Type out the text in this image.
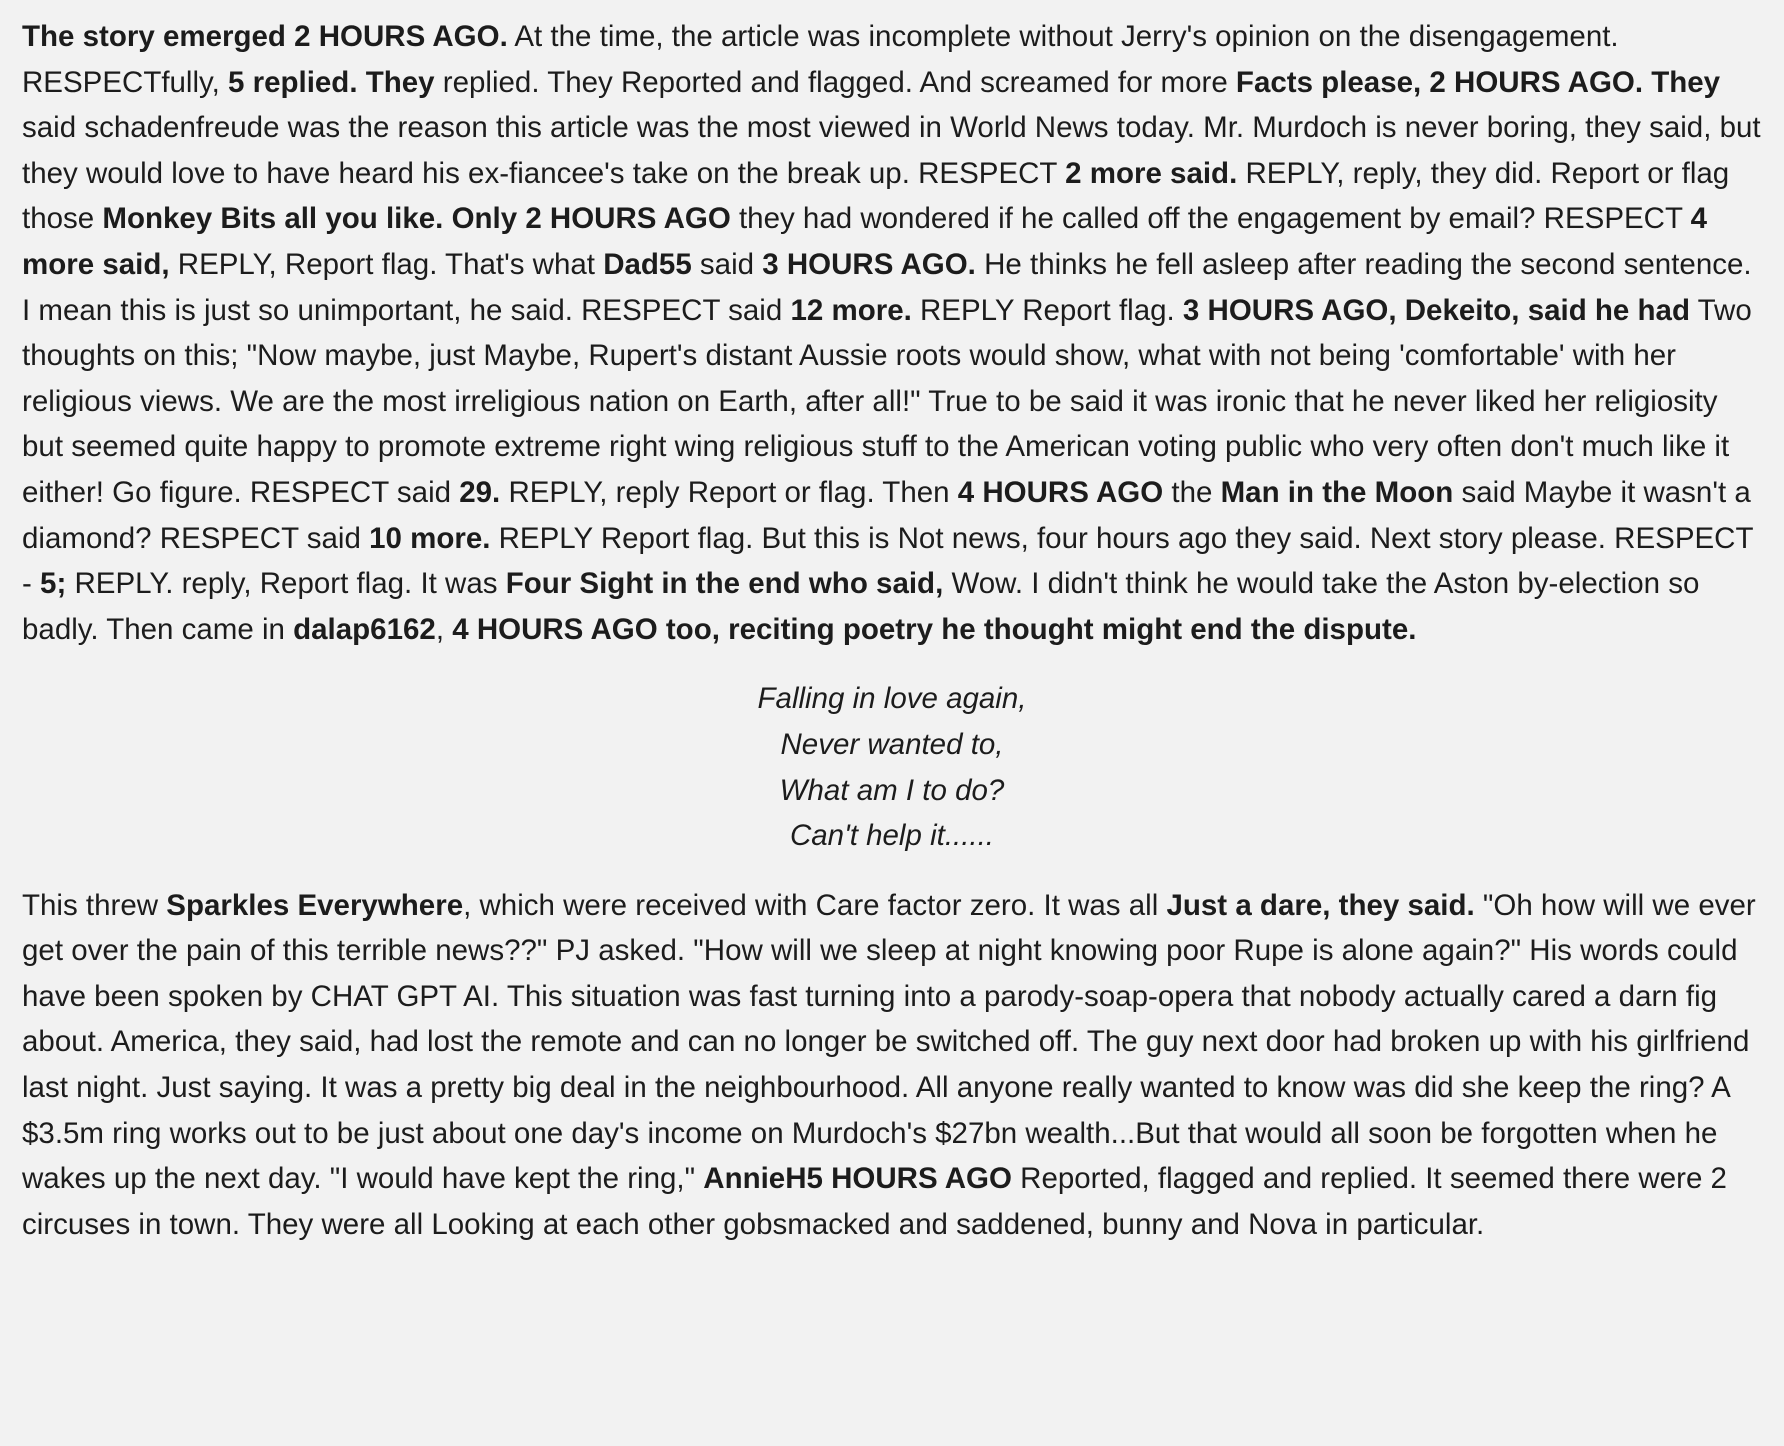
The story emerged 2 HOURS AGO. At the time, the article was incomplete without Jerry's opinion on the disengagement. RESPECTfully, 5 replied. They replied. They Reported and flagged. And screamed for more Facts please, 2 HOURS AGO. They said schadenfreude was the reason this article was the most viewed in World News today. Mr. Murdoch is never boring, they said, but they would love to have heard his ex-fiancee's take on the break up. RESPECT 2 more said. REPLY, reply, they did. Report or flag those Monkey Bits all you like. Only 2 HOURS AGO they had wondered if he called off the engagement by email? RESPECT 4 more said, REPLY, Report flag. That's what Dad55 said 3 HOURS AGO. He thinks he fell asleep after reading the second sentence. I mean this is just so unimportant, he said. RESPECT said 12 more. REPLY Report flag. 3 HOURS AGO, Dekeito, said he had Two thoughts on this; "Now maybe, just Maybe, Rupert's distant Aussie roots would show, what with not being 'comfortable' with her religious views. We are the most irreligious nation on Earth, after all!" True to be said it was ironic that he never liked her religiosity but seemed quite happy to promote extreme right wing religious stuff to the American voting public who very often don't much like it either! Go figure. RESPECT said 29. REPLY, reply Report or flag. Then 4 HOURS AGO the Man in the Moon said Maybe it wasn't a diamond? RESPECT said 10 more. REPLY Report flag. But this is Not news, four hours ago they said. Next story please. RESPECT - 5; REPLY. reply, Report flag. It was Four Sight in the end who said, Wow. I didn't think he would take the Aston by-election so badly. Then came in dalap6162, 4 HOURS AGO too, reciting poetry he thought might end the dispute.

Falling in love again,
Never wanted to,
What am I to do?
Can't help it......

This threw Sparkles Everywhere, which were received with Care factor zero. It was all Just a dare, they said. "Oh how will we ever get over the pain of this terrible news??" PJ asked. "How will we sleep at night knowing poor Rupe is alone again?" His words could have been spoken by CHAT GPT AI. This situation was fast turning into a parody-soap-opera that nobody actually cared a darn fig about. America, they said, had lost the remote and can no longer be switched off. The guy next door had broken up with his girlfriend last night. Just saying. It was a pretty big deal in the neighbourhood. All anyone really wanted to know was did she keep the ring? A $3.5m ring works out to be just about one day's income on Murdoch's $27bn wealth...But that would all soon be forgotten when he wakes up the next day. "I would have kept the ring," AnnieH5 HOURS AGO Reported, flagged and replied. It seemed there were 2 circuses in town. They were all Looking at each other gobsmacked and saddened, bunny and Nova in particular.
